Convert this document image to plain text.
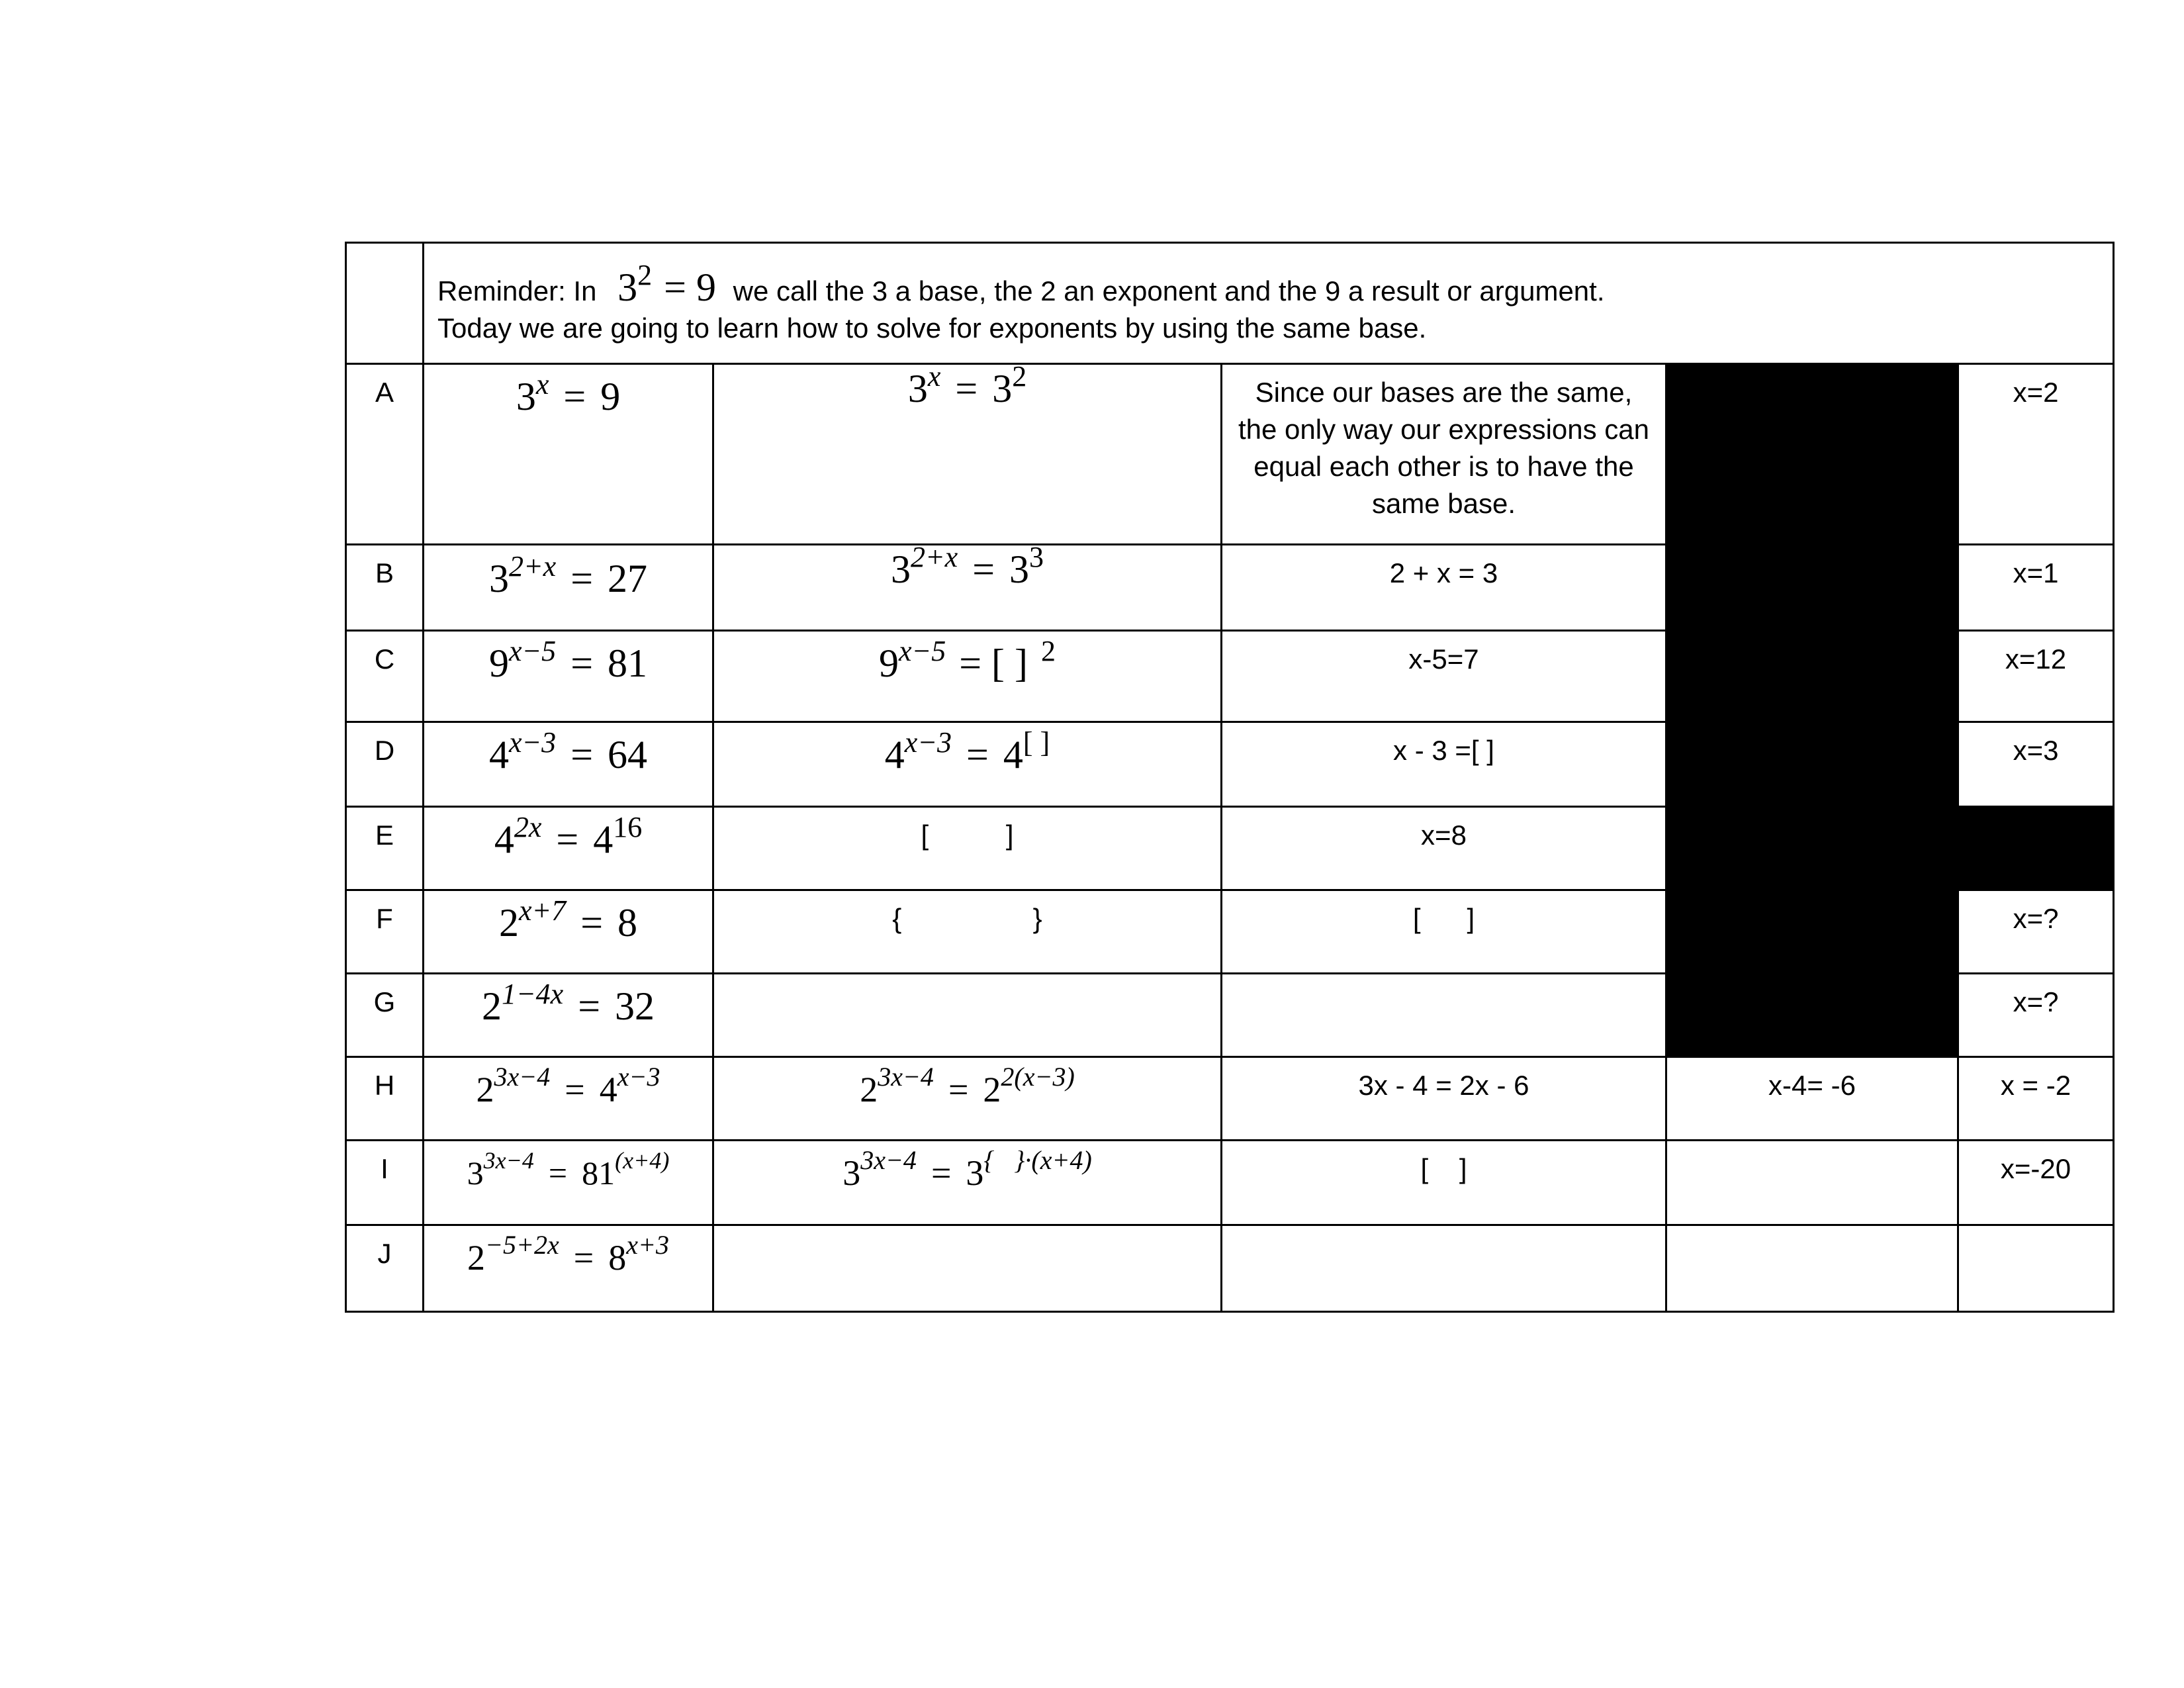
	Reminder: In $3^2 = 9$ we call the 3 a base, the 2 an exponent and the 9 a result or argument.
Today we are going to learn how to solve for exponents by using the same base.				

A	$3^x = 9$	$3^x = 3^2$	Since our bases are the same, the only way our expressions can equal each other is to have the same base.		x=2
B	$3^{2+x} = 27$	$3^{2+x} = 3^3$	2 + x = 3		x=1
C	$9^{x-5} = 81$	$9^{x-5}$ = [ ] $^2$	x-5=7		x=12
D	$4^{x-3} = 64$	$4^{x-3} = 4[ ]$	x - 3 =[ ]		x=3
E	$4^{2x} = 4^{16}$	[          ]	x=8		
F	$2^{x+7} = 8$	{                 }	[      ]		x=?
G	$2^{1-4x} = 32$				x=?
H	$2^{3x-4} = 4^{x-3}$	$2^{3x-4} = 2^{2(x-3)}$	3x - 4 = 2x - 6	x-4= -6	x = -2
I	$3^{3x-4} = 81^{(x+4)}$	$3^{3x-4} = 3^{\{ \}\cdot(x+4)}$	[    ]		x=-20
J	$2^{-5+2x} = 8^{x+3}$				
